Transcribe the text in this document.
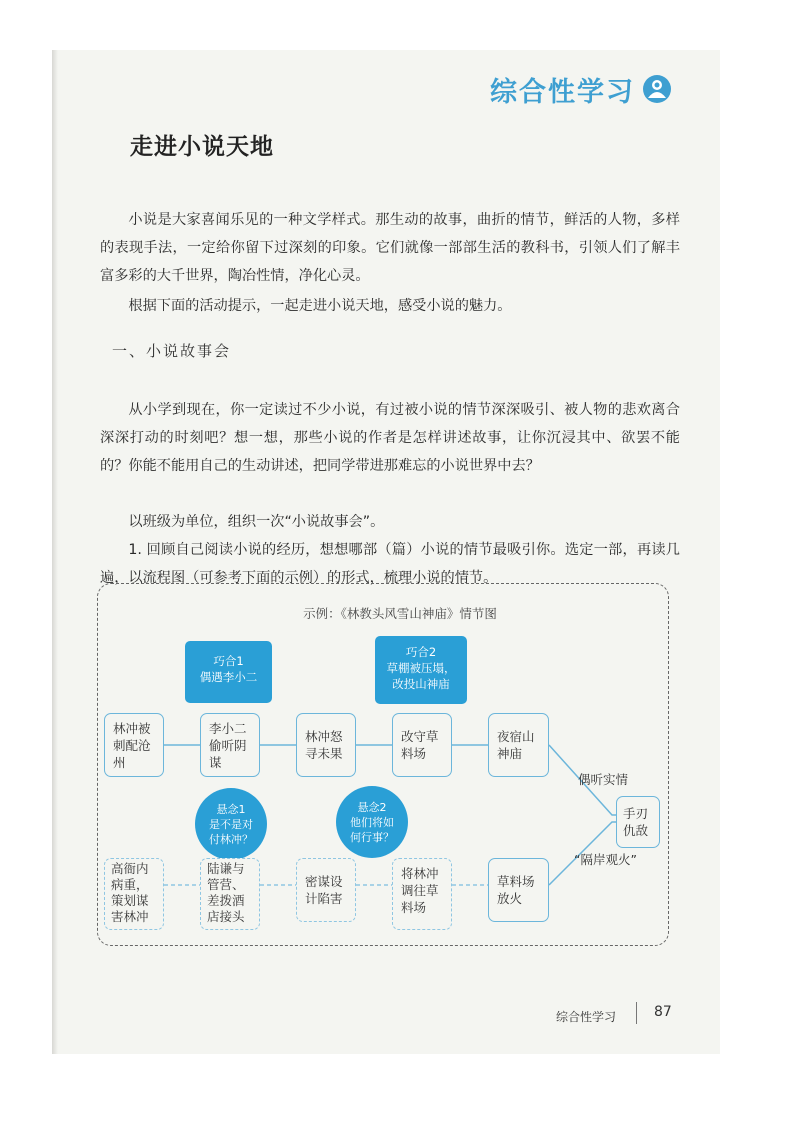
综合性学习
走进小说天地

小说是大家喜闻乐见的一种文学样式。那生动的故事，曲折的情节，鲜活的人物，多样的表现手法，一定给你留下过深刻的印象。它们就像一部部生活的教科书，引领人们了解丰富多彩的大千世界，陶冶性情，净化心灵。

根据下面的活动提示，一起走进小说天地，感受小说的魅力。

一、小说故事会

从小学到现在，你一定读过不少小说，有过被小说的情节深深吸引、被人物的悲欢离合深深打动的时刻吧？想一想，那些小说的作者是怎样讲述故事，让你沉浸其中、欲罢不能的？你能不能用自己的生动讲述，把同学带进那难忘的小说世界中去？

以班级为单位，组织一次“小说故事会”。

1. 回顾自己阅读小说的经历，想想哪部（篇）小说的情节最吸引你。选定一部，再读几遍，以流程图（可参考下面的示例）的形式，梳理小说的情节。

示例：《林教头风雪山神庙》情节图
巧合1
偶遇李小二
巧合2
草棚被压塌，
改投山神庙
林冲被刺配沧州
李小二偷听阴谋
林冲怒寻未果
改守草料场
夜宿山神庙
悬念1
是不是对
付林冲？
悬念2
他们将如
何行事？
偶听实情
手刃仇敌
“隔岸观火”
高衙内病重，策划谋害林冲
陆谦与管营、差拨酒店接头
密谋设计陷害
将林冲调往草料场
草料场放火
综合性学习	87
